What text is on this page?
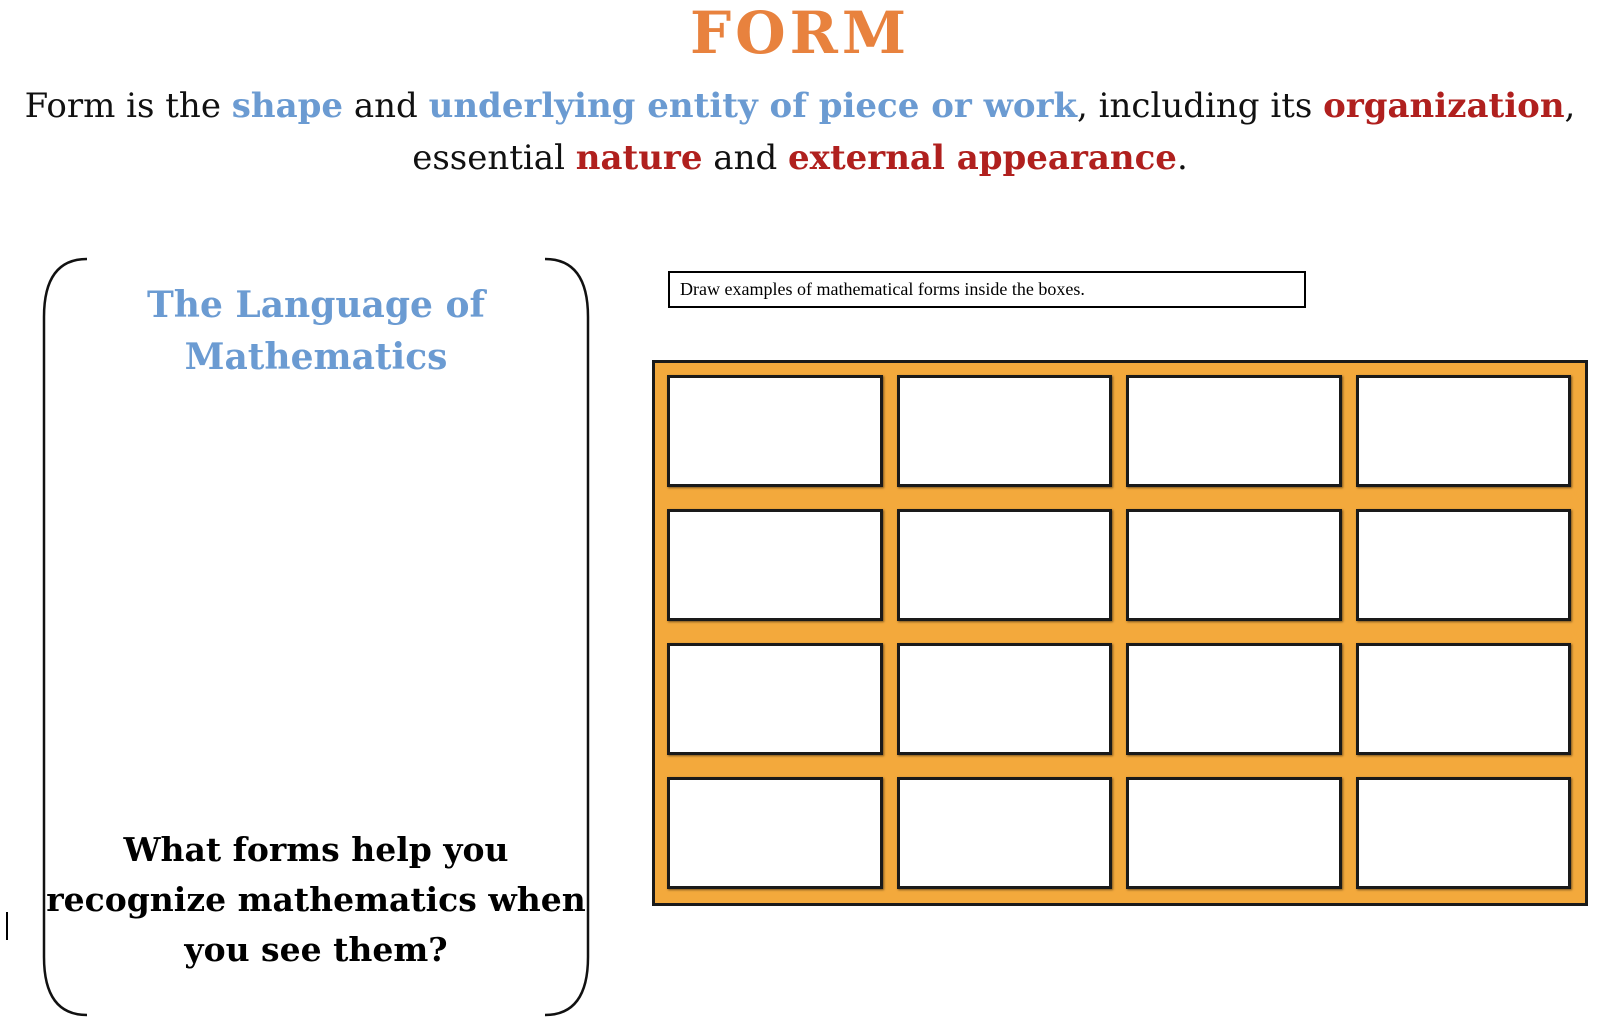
FORM
Form is the shape and underlying entity of piece or work, including its organization, essential nature and external appearance.
The Language of Mathematics
What forms help you recognize mathematics when you see them?
Draw examples of mathematical forms inside the boxes.
